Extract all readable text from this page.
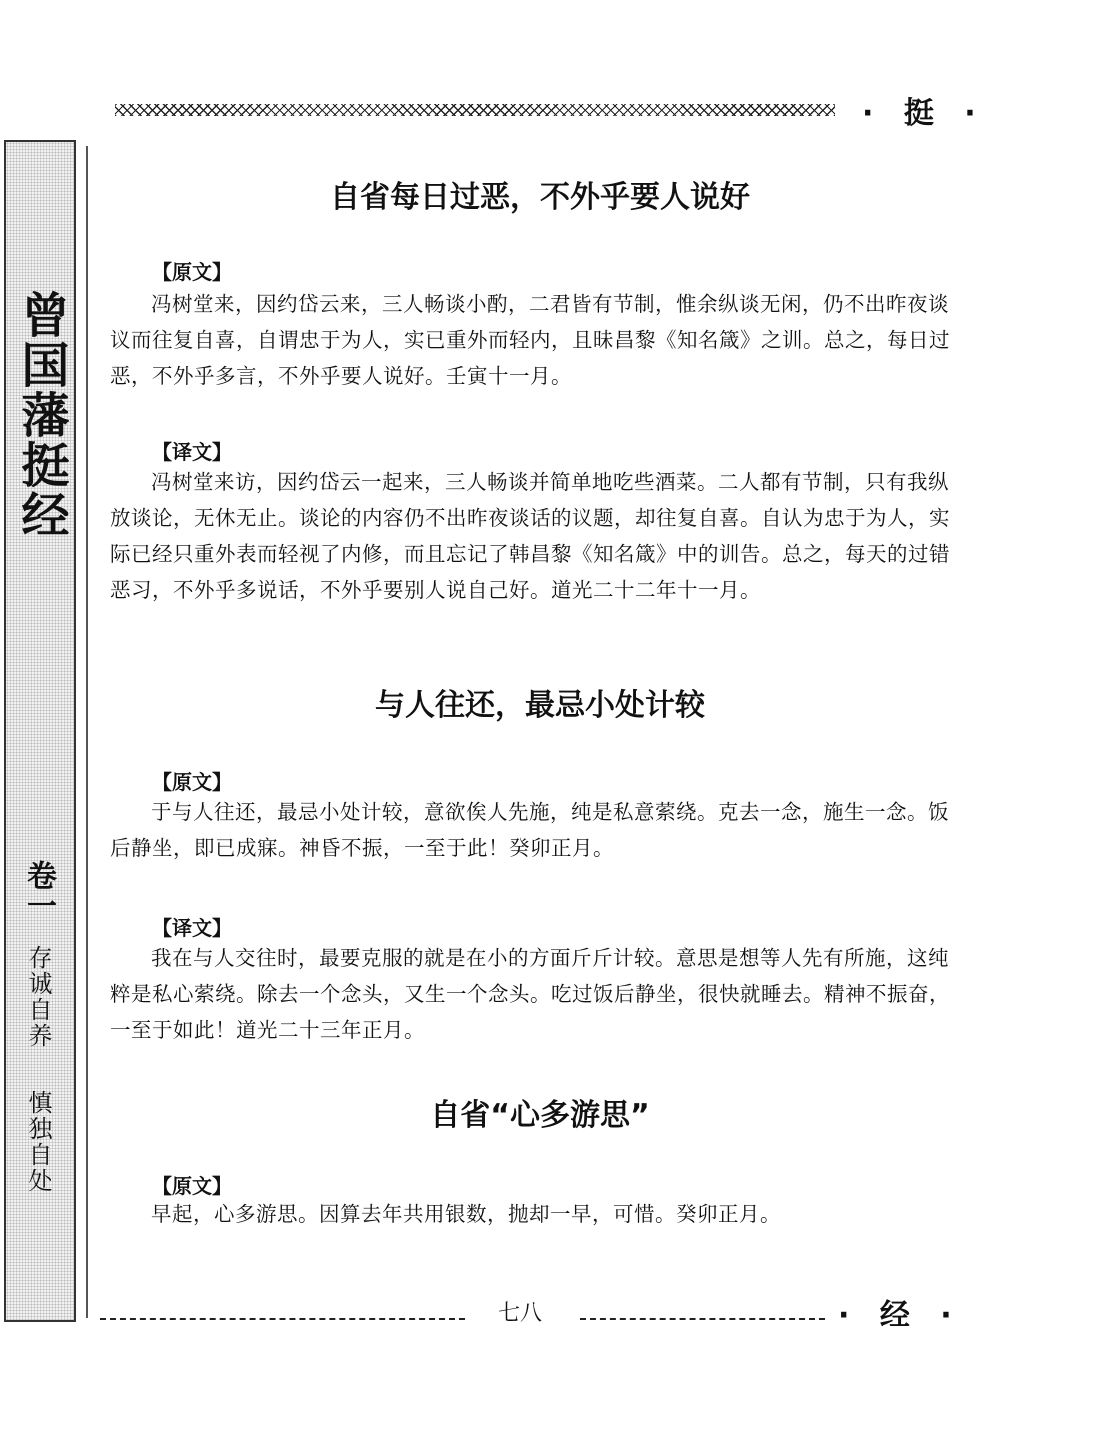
· 挺 ·
曾国藩挺经
卷一
存诚自养
慎独自处
自省每日过恶，不外乎要人说好
【原文】
冯树堂来，因约岱云来，三人畅谈小酌，二君皆有节制，惟余纵谈无闲，仍不出昨夜谈议而往复自喜，自谓忠于为人，实已重外而轻内，且昧昌黎《知名箴》之训。总之，每日过恶，不外乎多言，不外乎要人说好。壬寅十一月。
【译文】
冯树堂来访，因约岱云一起来，三人畅谈并简单地吃些酒菜。二人都有节制，只有我纵放谈论，无休无止。谈论的内容仍不出昨夜谈话的议题，却往复自喜。自认为忠于为人，实际已经只重外表而轻视了内修，而且忘记了韩昌黎《知名箴》中的训告。总之，每天的过错恶习，不外乎多说话，不外乎要别人说自己好。道光二十二年十一月。
与人往还，最忌小处计较
【原文】
于与人往还，最忌小处计较，意欲俟人先施，纯是私意萦绕。克去一念，施生一念。饭后静坐，即已成寐。神昏不振，一至于此！癸卯正月。
【译文】
我在与人交往时，最要克服的就是在小的方面斤斤计较。意思是想等人先有所施，这纯粹是私心萦绕。除去一个念头，又生一个念头。吃过饭后静坐，很快就睡去。精神不振奋，一至于如此！道光二十三年正月。
自省“心多游思”
【原文】
早起，心多游思。因算去年共用银数，抛却一早，可惜。癸卯正月。
七八	· 经 ·
